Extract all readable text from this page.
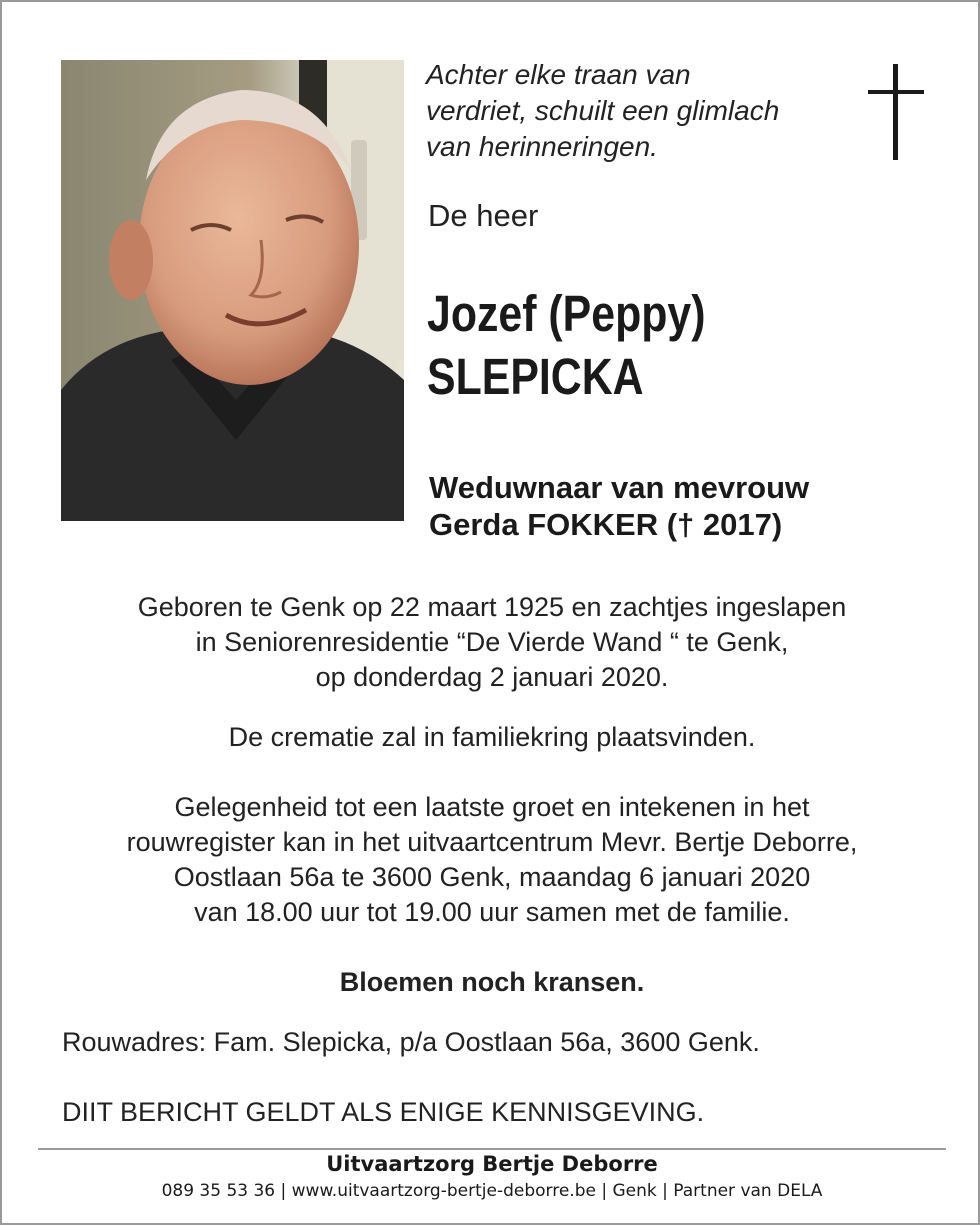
Achter elke traan van
verdriet, schuilt een glimlach
van herinneringen.
De heer
Jozef (Peppy)
SLEPICKA
Weduwnaar van mevrouw
Gerda FOKKER († 2017)
Geboren te Genk op 22 maart 1925 en zachtjes ingeslapen
in Seniorenresidentie “De Vierde Wand “ te Genk,
op donderdag 2 januari 2020.
De crematie zal in familiekring plaatsvinden.
Gelegenheid tot een laatste groet en intekenen in het
rouwregister kan in het uitvaartcentrum Mevr. Bertje Deborre,
Oostlaan 56a te 3600 Genk, maandag 6 januari 2020
van 18.00 uur tot 19.00 uur samen met de familie.
Bloemen noch kransen.
Rouwadres: Fam. Slepicka, p/a Oostlaan 56a, 3600 Genk.
DIIT BERICHT GELDT ALS ENIGE KENNISGEVING.
Uitvaartzorg Bertje Deborre
089 35 53 36 | www.uitvaartzorg-bertje-deborre.be | Genk | Partner van DELA
